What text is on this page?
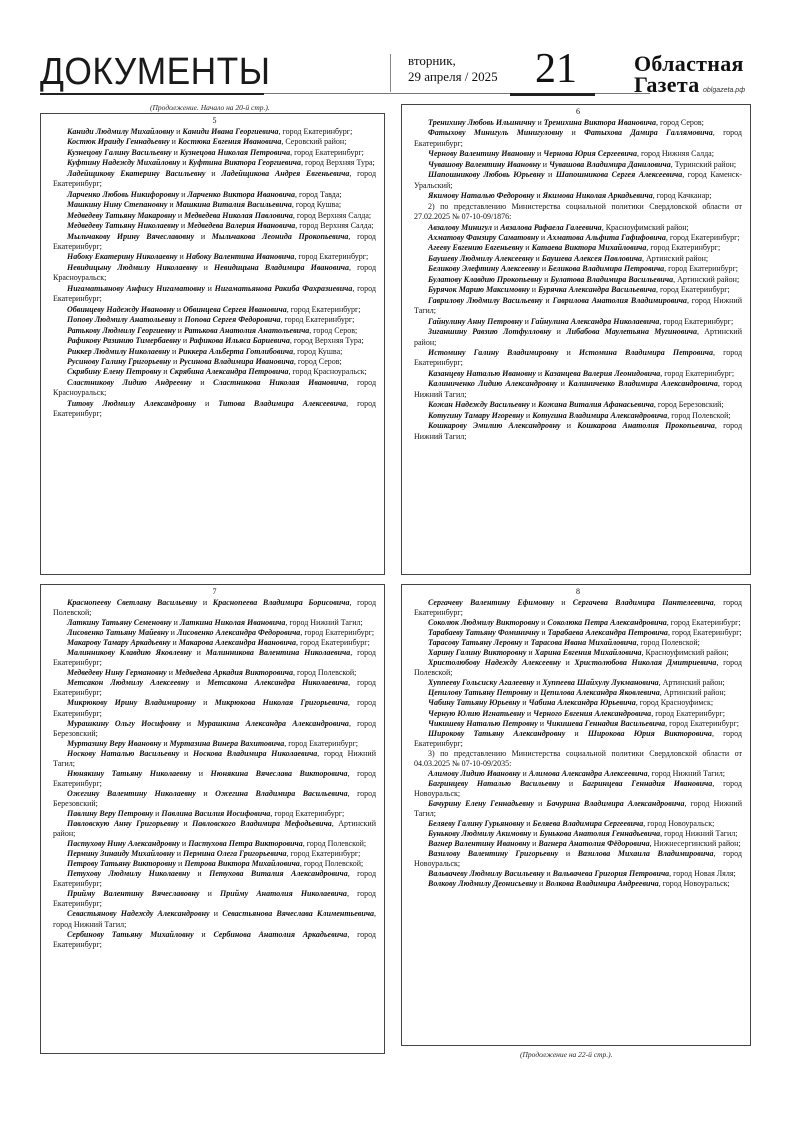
ДОКУМЕНТЫ	вторник,
29 апреля / 2025 21	Областная
Газета oblgazeta.рф
(Продолжение. Начало на 20-й стр.).
5

Каниди Людмилу Михайловну и Каниди Ивана Георгиевича, город Екатеринбург;

Костюк Ираиду Геннадьевну и Костюка Евгения Ивановича, Серовский район;

Кузнецову Галину Васильевну и Кузнецова Николая Петровича, город Екатеринбург;

Куфтину Надежду Михайловну и Куфтина Виктора Георгиевича, город Верхняя Тура;

Ладейщикову Екатерину Васильевну и Ладейщикова Андрея Евгеньевича, город Екатеринбург;

Ларченко Любовь Никифоровну и Ларченко Виктора Ивановича, город Тавда;

Машкину Нину Степановну и Машкина Виталия Васильевича, город Кушва;

Медведеву Татьяну Макаровну и Медведева Николая Павловича, город Верхняя Салда;

Медведеву Татьяну Николаевну и Медведева Валерия Ивановича, город Верхняя Салда;

Мыльчакову Ирину Вячеславовну и Мыльчакова Леонида Прокопьевича, город Екатеринбург;

Набоку Екатерину Николаевну и Набоку Валентина Ивановича, город Екатеринбург;

Невидицыну Людмилу Николаевну и Невидицына Владимира Ивановича, город Красноуральск;

Нигаматьянову Анфису Нигаматовну и Нигаматьянова Ракиба Фахразиевича, город Екатеринбург;

Обвинцеву Надежду Ивановну и Обвинцева Сергея Ивановича, город Екатеринбург;

Попову Людмилу Анатольевну и Попова Сергея Федоровича, город Екатеринбург;

Ратькову Людмилу Георгиевну и Ратькова Анатолия Анатольевича, город Серов;

Рафикову Разинию Тимербаевну и Рафикова Ильяса Бариевича, город Верхняя Тура;

Риккер Людмилу Николаевну и Риккера Альберта Готлибовича, город Кушва;

Русинову Галину Григорьевну и Русинова Владимира Ивановича, город Серов;

Скрябину Елену Петровну и Скрябина Александра Петровича, город Красноуральск;

Сластникову Лидию Андреевну и Сластникова Николая Ивановича, город Красноуральск;

Титову Людмилу Александровну и Титова Владимира Алексеевича, город Екатеринбург;

6

Тренихину Любовь Ильиничну и Тренихина Виктора Ивановича, город Серов;

Фатыхову Минигуль Минигуловну и Фатыхова Дамира Галлямовича, город Екатеринбург;

Чернову Валентину Ивановну и Чернова Юрия Сергеевича, город Нижняя Салда;

Чувашову Валентину Ивановну и Чувашова Владимира Даниловича, Туринский район;

Шапошникову Любовь Юрьевну и Шапошникова Сергея Алексеевича, город Каменск-Уральский;

Якимову Наталью Федоровну и Якимова Николая Аркадьевича, город Качканар;

2) по представлению Министерства социальной политики Свердловской области от 27.02.2025 № 07-10-09/1876:

Авзалову Минигул и Авзалова Рафаела Галеевича, Красноуфимский район;

Ахматову Фанзиру Саматовну и Ахматова Альфита Гафифовича, город Екатеринбург;

Агееву Евгению Евгеньевну и Катаева Виктора Михайловича, город Екатеринбург;

Баушеву Людмилу Алексеевну и Баушева Алексея Павловича, Артинский район;

Беликову Элефтину Алексеевну и Беликова Владимира Петровича, город Екатеринбург;

Булатову Клавдию Прокопьевну и Булатова Владимира Васильевича, Артинский район;

Бурячок Марию Максимовну и Бурячка Александра Васильевича, город Екатеринбург;

Гаврилову Людмилу Васильевну и Гаврилова Анатолия Владимировича, город Нижний Тагил;

Гайнулину Анну Петровну и Гайнулина Александра Николаевича, город Екатеринбург;

Зиганшину Равзию Лотфулловну и Либабова Маулетьяна Мугиновича, Артинский район;

Истомину Галину Владимировну и Истомина Владимира Петровича, город Екатеринбург;

Казанцеву Наталью Ивановну и Казанцева Валерия Леонидовича, город Екатеринбург;

Калиниченко Лидию Александровну и Калиниченко Владимира Александровича, город Нижний Тагил;

Кожан Надежду Васильевну и Кожана Виталия Афанасьевича, город Березовский;

Котугину Тамару Игоревну и Котугина Владимира Александровича, город Полевской;

Кошкарову Эмилию Александровну и Кошкарова Анатолия Прокопьевича, город Нижний Тагил;

7

Краснопееву Светлану Васильевну и Краснопеева Владимира Борисовича, город Полевской;

Латкину Татьяну Семеновну и Латкина Николая Ивановича, город Нижний Тагил;

Лисовенко Татьяну Майевну и Лисовенко Александра Федоровича, город Екатеринбург;

Макарову Тамару Аркадьевну и Макарова Александра Ивановича, город Екатеринбург;

Малинникову Клавдию Яковлевну и Малинникова Валентина Николаевича, город Екатеринбург;

Медведеву Нину Германовну и Медведева Аркадия Викторовича, город Полевской;

Метсакон Людмилу Алексеевну и Метсакона Александра Николаевича, город Екатеринбург;

Микрюкову Ирину Владимировну и Микрюкова Николая Григорьевича, город Екатеринбург;

Мурашкину Ольгу Иосифовну и Мурашкина Александра Александровича, город Березовский;

Муртазину Веру Ивановну и Муртазина Винера Вахитовича, город Екатеринбург;

Носкову Наталью Васильевну и Носкова Владимира Николаевича, город Нижний Тагил;

Нюнякину Татьяну Николаевну и Нюнякина Вячеслава Викторовича, город Екатеринбург;

Ожегину Валентину Николаевну и Ожегина Владимира Васильевича, город Березовский;

Павлину Веру Петровну и Павлина Василия Иосифовича, город Екатеринбург;

Павловскую Анну Григорьевну и Павловского Владимира Мефодьевича, Артинский район;

Пастухову Нину Александровну и Пастухова Петра Викторовича, город Полевской;

Пермину Зинаиду Михайловну и Пермина Олега Григорьевича, город Екатеринбург;

Петрову Татьяну Викторовну и Петрова Виктора Михайловича, город Полевской;

Петухову Людмилу Николаевну и Петухова Виталия Александровича, город Екатеринбург;

Прийму Валентину Вячеславовну и Прийму Анатолия Николаевича, город Екатеринбург;

Севастьянову Надежду Александровну и Севастьянова Вячеслава Климентьевича, город Нижний Тагил;

Сербинову Татьяну Михайловну и Сербинова Анатолия Аркадьевича, город Екатеринбург;

8

Сергачеву Валентину Ефимовну и Сергачева Владимира Пантелеевича, город Екатеринбург;

Соколюк Людмилу Викторовну и Соколюка Петра Александровича, город Екатеринбург;

Тарабаеву Татьяну Фоминичну и Тарабаева Александра Петровича, город Екатеринбург;

Тарасову Татьяну Леровну и Тарасова Ивана Михайловича, город Полевской;

Харину Галину Викторовну и Харина Евгения Михайловича, Красноуфимский район;

Христолюбову Надежду Алексеевну и Христолюбова Николая Дмитриевича, город Полевской;

Хуппееву Гольсиску Агалеевну и Хуппеева Шайхулу Лукмановича, Артинский район;

Цепилову Татьяну Петровну и Цепилова Александра Яковлевича, Артинский район;

Чабину Татьяну Юрьевну и Чабина Александра Юрьевича, город Красноуфимск;

Черную Юлию Игнатьевну и Черного Евгения Александровича, город Екатеринбург;

Чикишеву Наталью Петровну и Чикишева Геннадия Васильевича, город Екатеринбург;

Широкову Татьяну Александровну и Широкова Юрия Викторовича, город Екатеринбург;

3) по представлению Министерства социальной политики Свердловской области от 04.03.2025 № 07-10-09/2035:

Алимову Лидию Ивановну и Алимова Александра Алексеевича, город Нижний Тагил;

Багринцеву Наталью Васильевну и Багринцева Геннадия Ивановича, город Новоуральск;

Бачурину Елену Геннадьевну и Бачурина Владимира Александровича, город Нижний Тагил;

Беляеву Галину Гурьяновну и Беляева Владимира Сергеевича, город Новоуральск;

Бунькову Людмилу Акимовну и Бунькова Анатолия Геннадьевича, город Нижний Тагил;

Вагнер Валентину Ивановну и Вагнера Анатолия Фёдоровича, Нижнесергинский район;

Вазилову Валентину Григорьевну и Вазилова Михаила Владимировича, город Новоуральск;

Вальвачеву Людмилу Васильевну и Вальвачева Григория Петровича, город Новая Ляля;

Волкову Людмилу Деонисьевну и Волкова Владимира Андреевича, город Новоуральск;

(Продолжение на 22-й стр.).
